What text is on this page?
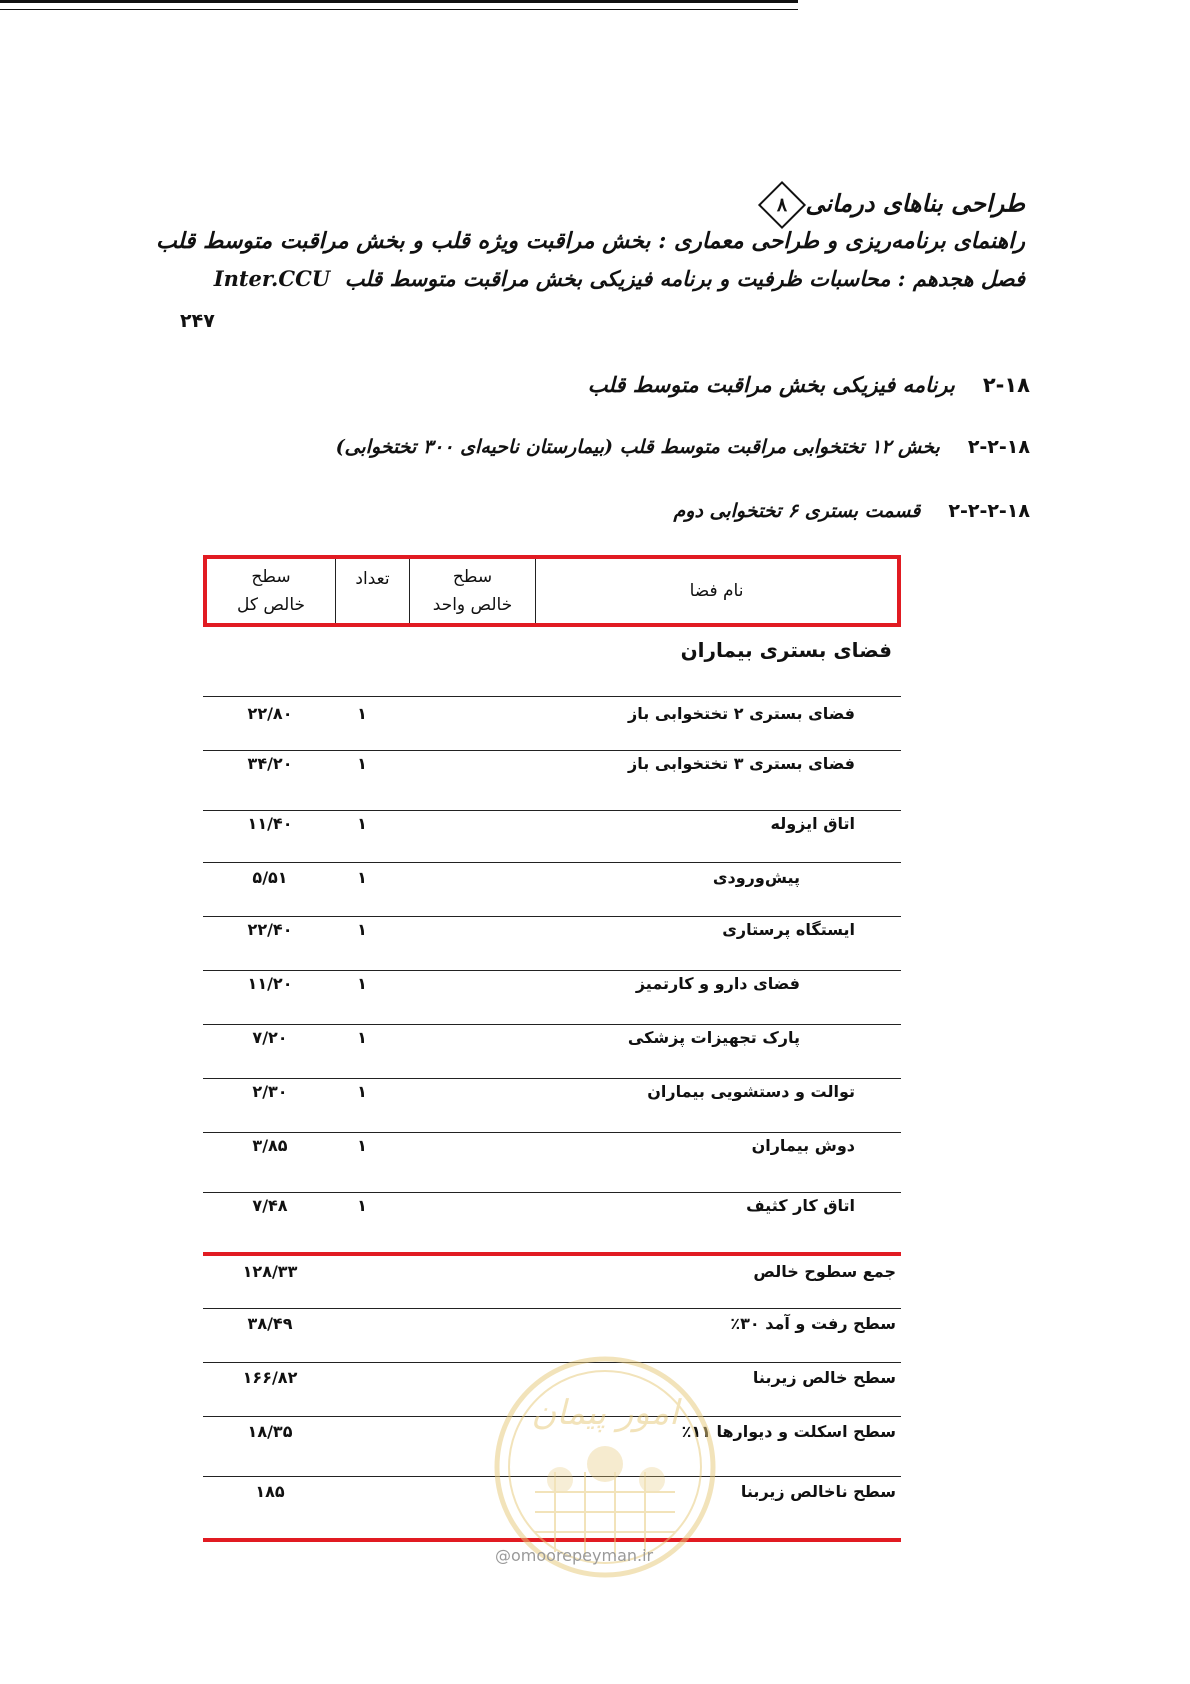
طراحی بناهای درمانی
۸
راهنمای برنامه‌ریزی و طراحی معماری : بخش مراقبت ویژه قلب و بخش مراقبت متوسط قلب
فصل هجدهم : محاسبات ظرفیت و برنامه فیزیکی بخش مراقبت متوسط قلب  Inter.CCU
۲۴۷
۲-۱۸برنامه فیزیکی بخش مراقبت متوسط قلب
۲-۲-۱۸بخش ۱۲ تختخوابی مراقبت متوسط قلب (بیمارستان ناحیه‌ای ۳۰۰ تختخوابی)
۲-۲-۲-۱۸قسمت بستری ۶ تختخوابی دوم
نام فضا
سطح
خالص واحد
تعداد
سطح
خالص کل
فضای بستری بیماران
فضای بستری ۲ تختخوابی باز
۱
۲۲/۸۰
فضای بستری ۳ تختخوابی باز
۱
۳۴/۲۰
اتاق ایزوله
۱
۱۱/۴۰
پیش‌ورودی
۱
۵/۵۱
ایستگاه پرستاری
۱
۲۲/۴۰
فضای دارو و کارتمیز
۱
۱۱/۲۰
پارک تجهیزات پزشکی
۱
۷/۲۰
توالت و دستشویی بیماران
۱
۲/۳۰
دوش بیماران
۱
۳/۸۵
اتاق کار کثیف
۱
۷/۴۸
جمع سطوح خالص
۱۲۸/۳۳
سطح رفت و آمد ۳۰٪
۳۸/۴۹
سطح خالص زیربنا
۱۶۶/۸۲
سطح اسکلت و دیوارها ۱۱٪
۱۸/۳۵
سطح ناخالص زیربنا
۱۸۵
امور پیمان
@omoorepeyman.ir
